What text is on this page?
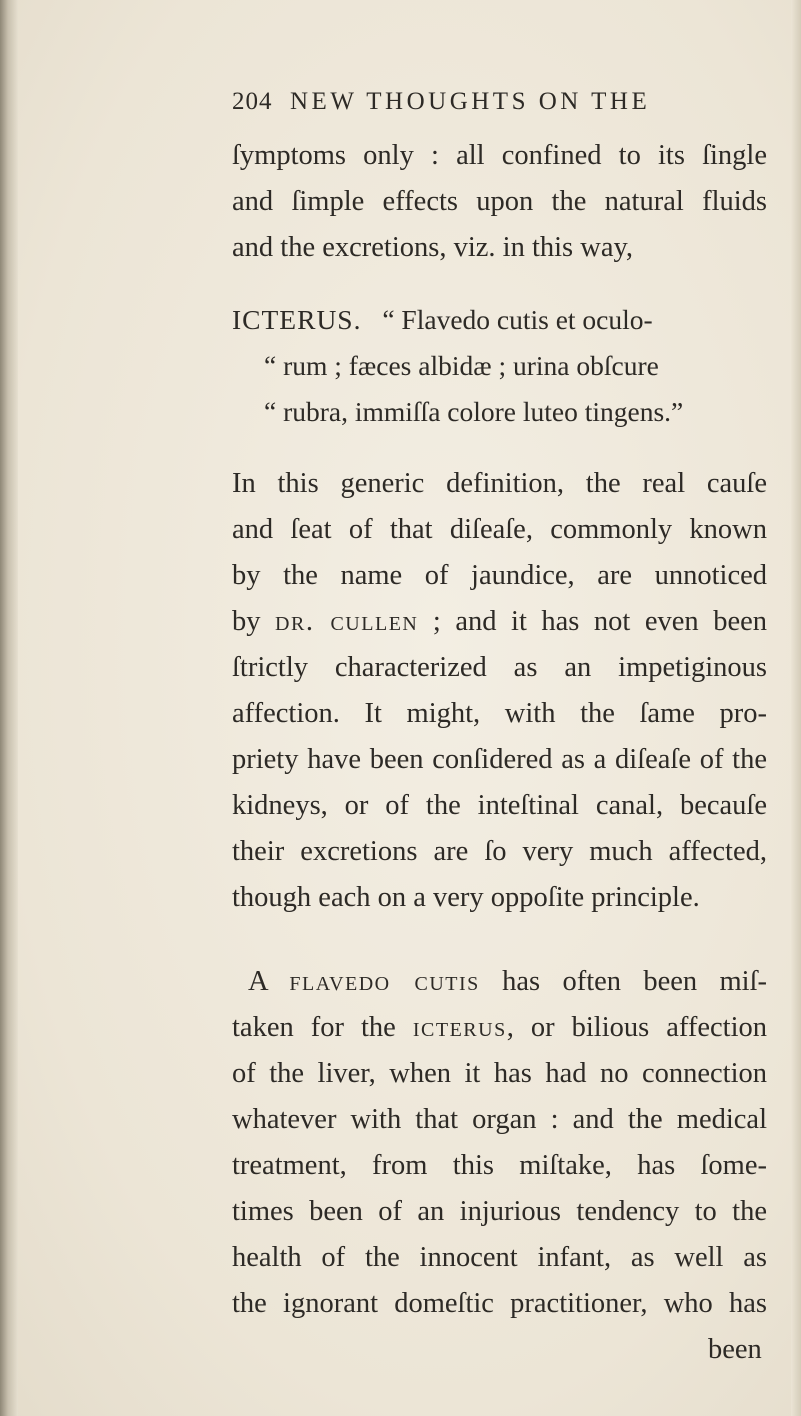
204 NEW THOUGHTS ON THE
ſymptoms only : all confined to its ſingle
and ſimple effects upon the natural fluids
and the excretions, viz. in this way,
ICTERUS. “ Flavedo cutis et oculo-
“ rum ; fæces albidæ ; urina obſcure
“ rubra, immiſſa colore luteo tingens.”
In this generic definition, the real cauſe
and ſeat of that diſeaſe, commonly known
by the name of jaundice, are unnoticed
by dr. cullen ; and it has not even been
ſtrictly characterized as an impetiginous
affection. It might, with the ſame pro-
priety have been conſidered as a diſeaſe of the
kidneys, or of the inteſtinal canal, becauſe
their excretions are ſo very much affected,
though each on a very oppoſite principle.
A flavedo cutis has often been miſ-
taken for the icterus, or bilious affection
of the liver, when it has had no connection
whatever with that organ : and the medical
treatment, from this miſtake, has ſome-
times been of an injurious tendency to the
health of the innocent infant, as well as
the ignorant domeſtic practitioner, who has
been
